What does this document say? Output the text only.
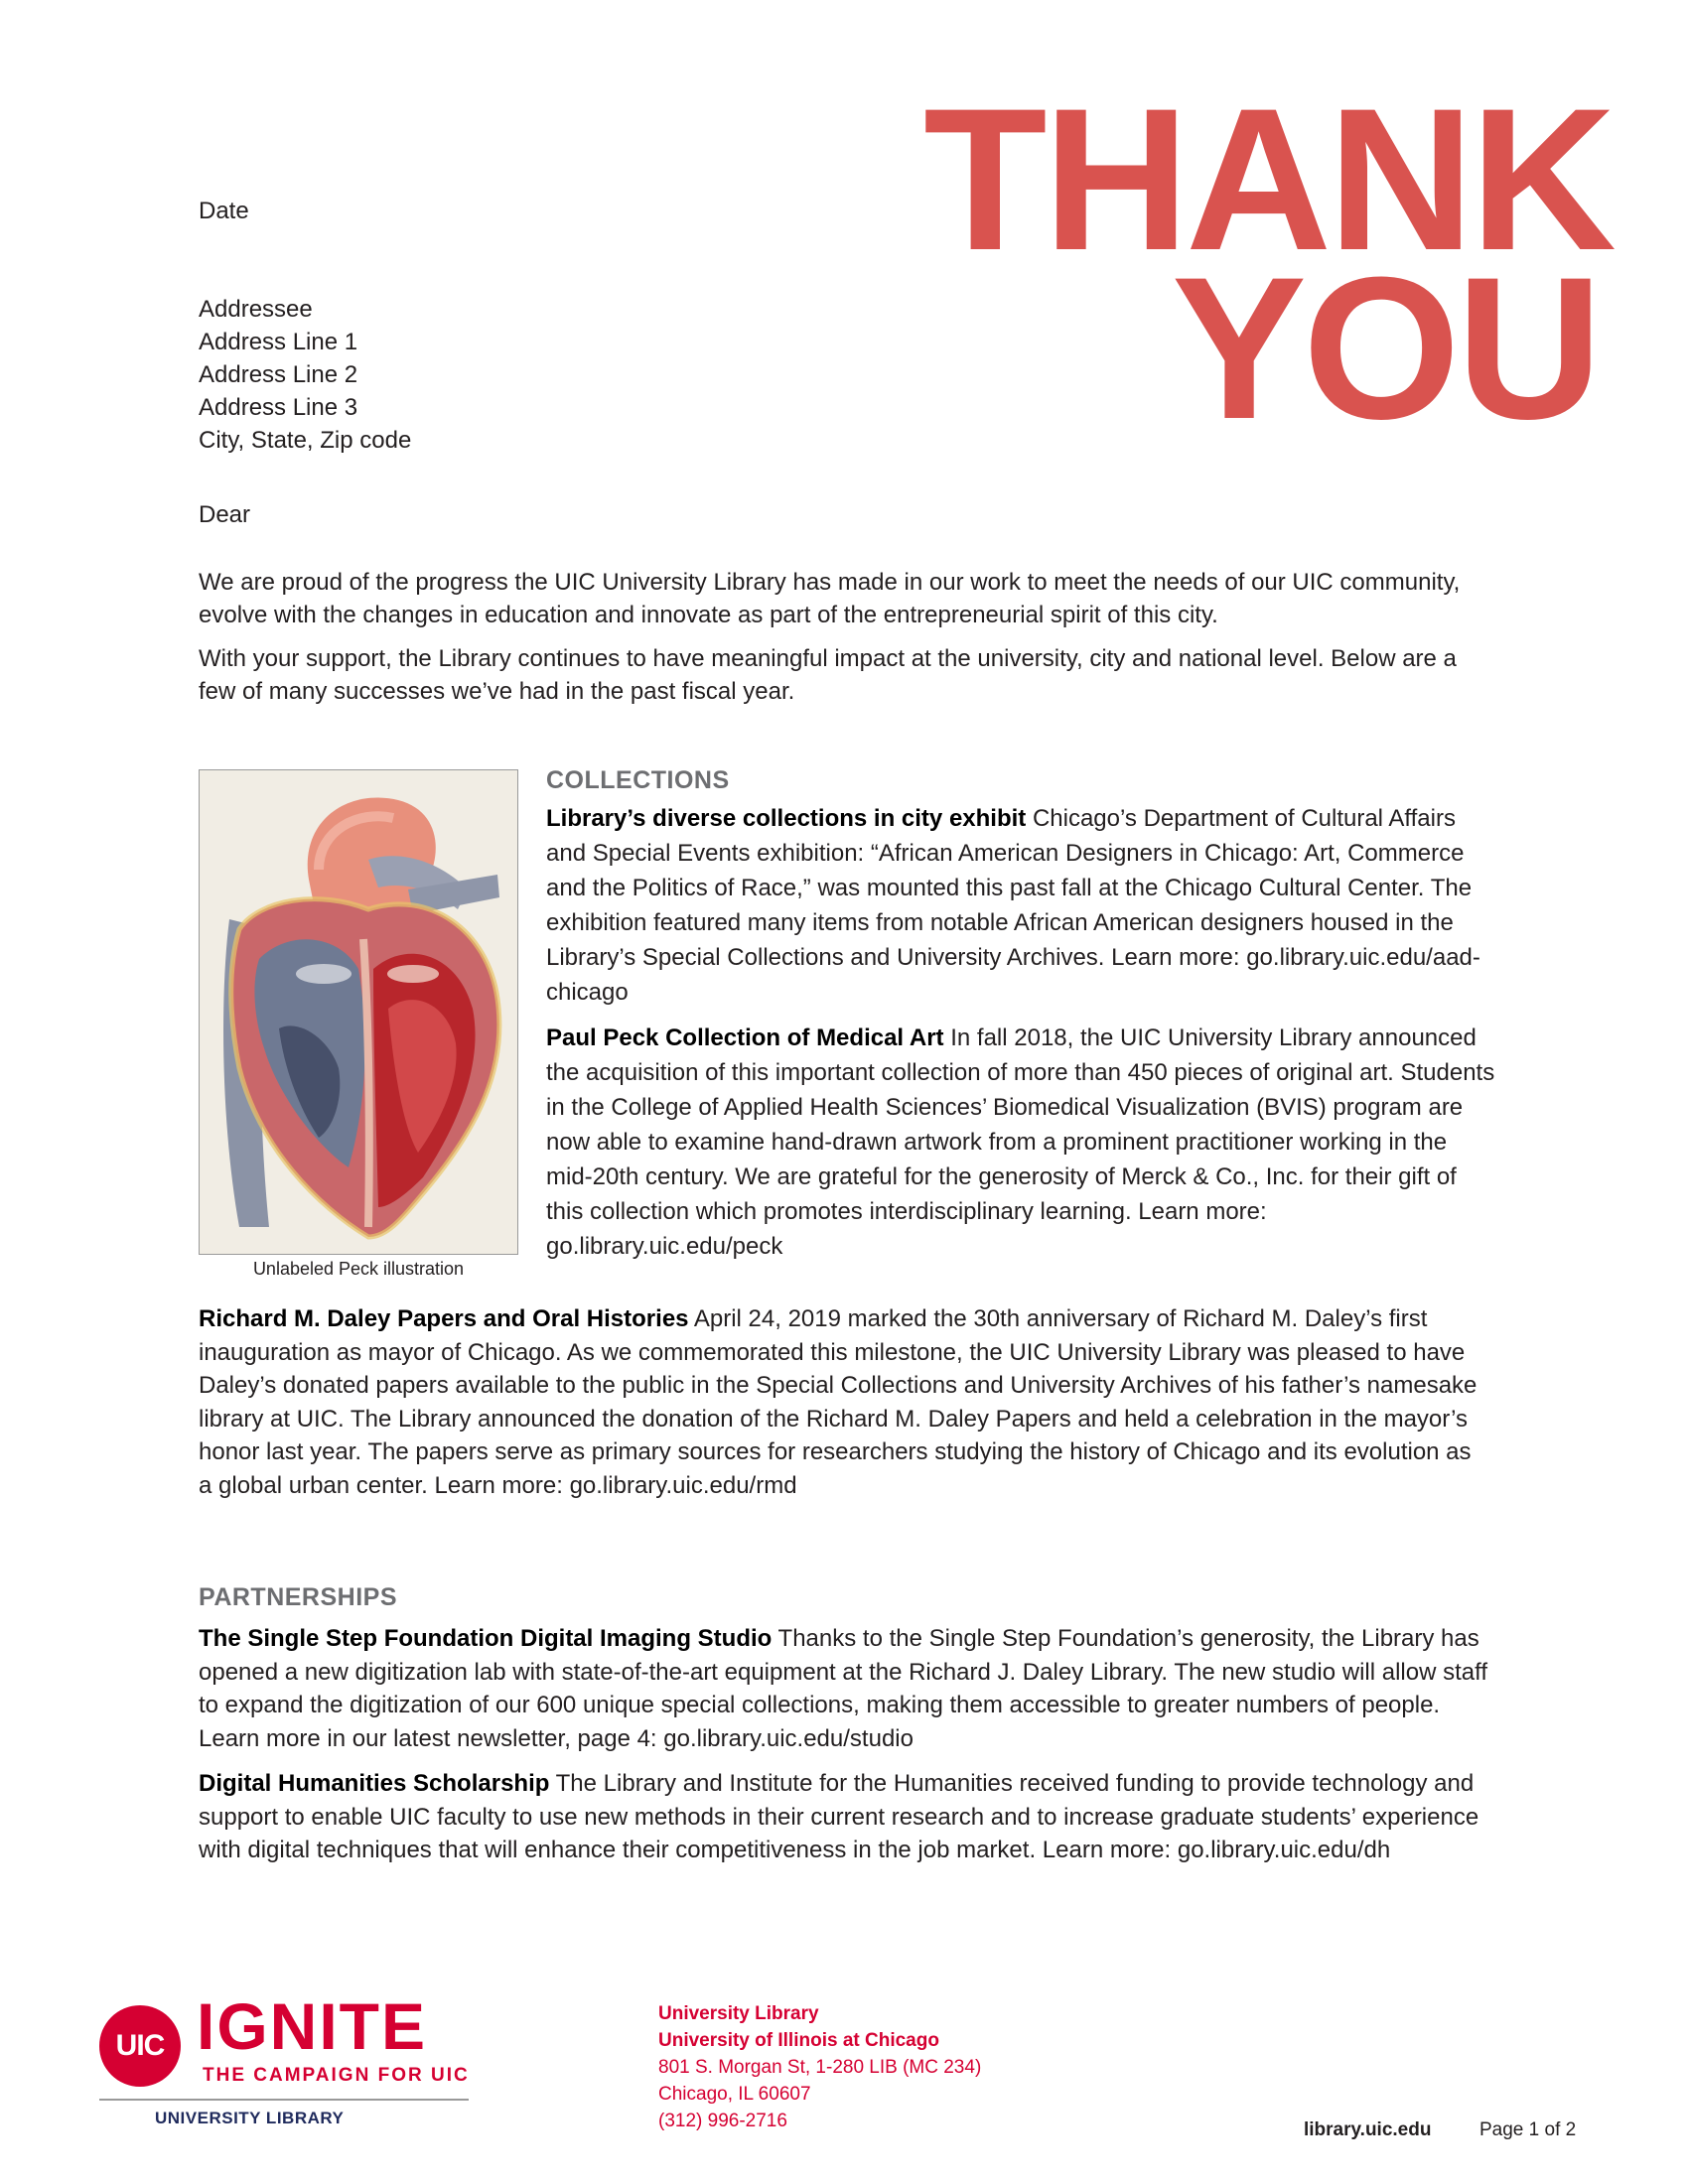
THANK
YOU
Date
Addressee
Address Line 1
Address Line 2
Address Line 3
City, State, Zip code
Dear

We are proud of the progress the UIC University Library has made in our work to meet the needs of our UIC community, evolve with the changes in education and innovate as part of the entrepreneurial spirit of this city.

With your support, the Library continues to have meaningful impact at the university, city and national level. Below are a few of many successes we’ve had in the past fiscal year.

Unlabeled Peck illustration
COLLECTIONS

Library’s diverse collections in city exhibit Chicago’s Department of Cultural Affairs and Special Events exhibition: “African American Designers in Chicago: Art, Commerce and the Politics of Race,” was mounted this past fall at the Chicago Cultural Center. The exhibition featured many items from notable African American designers housed in the Library’s Special Collections and University Archives. Learn more: go.library.uic.edu/aad-chicago

Paul Peck Collection of Medical Art In fall 2018, the UIC University Library announced the acquisition of this important collection of more than 450 pieces of original art. Students in the College of Applied Health Sciences’ Biomedical Visualization (BVIS) program are now able to examine hand-drawn artwork from a prominent practitioner working in the mid-20th century. We are grateful for the generosity of Merck & Co., Inc. for their gift of this collection which promotes interdisciplinary learning. Learn more: go.library.uic.edu/peck

Richard M. Daley Papers and Oral Histories April 24, 2019 marked the 30th anniversary of Richard M. Daley’s first inauguration as mayor of Chicago. As we commemorated this milestone, the UIC University Library was pleased to have Daley’s donated papers available to the public in the Special Collections and University Archives of his father’s namesake library at UIC. The Library announced the donation of the Richard M. Daley Papers and held a celebration in the mayor’s honor last year. The papers serve as primary sources for researchers studying the history of Chicago and its evolution as a global urban center. Learn more: go.library.uic.edu/rmd

PARTNERSHIPS

The Single Step Foundation Digital Imaging Studio Thanks to the Single Step Foundation’s generosity, the Library has opened a new digitization lab with state-of-the-art equipment at the Richard J. Daley Library. The new studio will allow staff to expand the digitization of our 600 unique special collections, making them accessible to greater numbers of people. Learn more in our latest newsletter, page 4: go.library.uic.edu/studio

Digital Humanities Scholarship The Library and Institute for the Humanities received funding to provide technology and support to enable UIC faculty to use new methods in their current research and to increase graduate students’ experience with digital techniques that will enhance their competitiveness in the job market. Learn more: go.library.uic.edu/dh

UIC IGNITE
THE CAMPAIGN FOR UIC
UNIVERSITY LIBRARY
University Library
University of Illinois at Chicago
801 S. Morgan St, 1-280 LIB (MC 234)
Chicago, IL 60607
(312) 996-2716	library.uic.edu	Page 1 of 2
